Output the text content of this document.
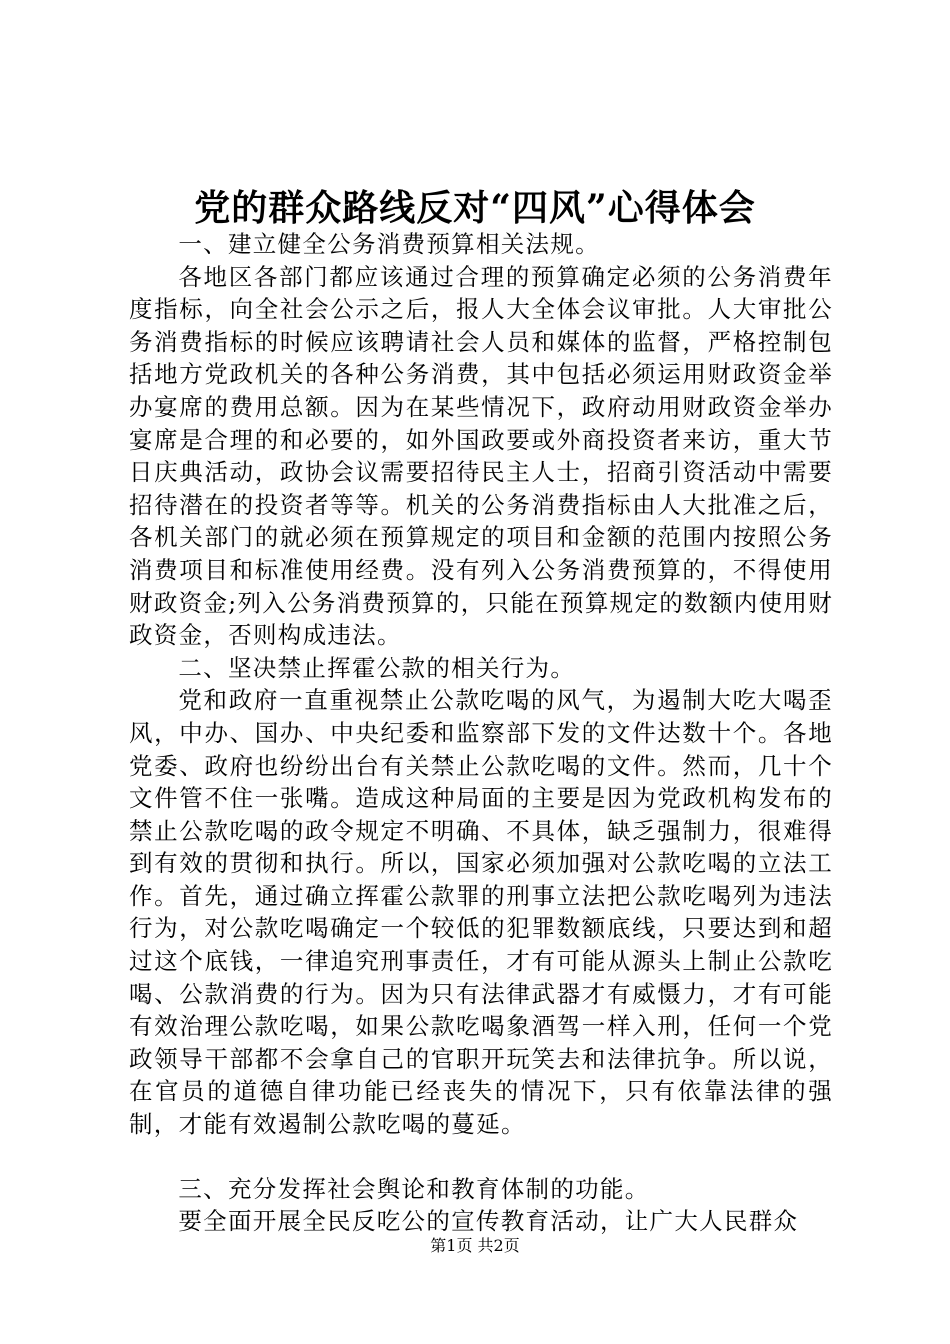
党的群众路线反对“四风”心得体会

一、建立健全公务消费预算相关法规。

各地区各部门都应该通过合理的预算确定必须的公务消费年度指标，向全社会公示之后，报人大全体会议审批。人大审批公务消费指标的时候应该聘请社会人员和媒体的监督，严格控制包括地方党政机关的各种公务消费，其中包括必须运用财政资金举办宴席的费用总额。因为在某些情况下，政府动用财政资金举办宴席是合理的和必要的，如外国政要或外商投资者来访，重大节日庆典活动，政协会议需要招待民主人士，招商引资活动中需要招待潜在的投资者等等。机关的公务消费指标由人大批准之后，各机关部门的就必须在预算规定的项目和金额的范围内按照公务消费项目和标准使用经费。没有列入公务消费预算的，不得使用财政资金;列入公务消费预算的，只能在预算规定的数额内使用财政资金，否则构成违法。

二、坚决禁止挥霍公款的相关行为。

党和政府一直重视禁止公款吃喝的风气，为遏制大吃大喝歪风，中办、国办、中央纪委和监察部下发的文件达数十个。各地党委、政府也纷纷出台有关禁止公款吃喝的文件。然而，几十个文件管不住一张嘴。造成这种局面的主要是因为党政机构发布的禁止公款吃喝的政令规定不明确、不具体，缺乏强制力，很难得到有效的贯彻和执行。所以，国家必须加强对公款吃喝的立法工作。首先，通过确立挥霍公款罪的刑事立法把公款吃喝列为违法行为，对公款吃喝确定一个较低的犯罪数额底线，只要达到和超过这个底钱，一律追究刑事责任，才有可能从源头上制止公款吃喝、公款消费的行为。因为只有法律武器才有威慑力，才有可能有效治理公款吃喝，如果公款吃喝象酒驾一样入刑，任何一个党政领导干部都不会拿自己的官职开玩笑去和法律抗争。所以说，在官员的道德自律功能已经丧失的情况下，只有依靠法律的强制，才能有效遏制公款吃喝的蔓延。

三、充分发挥社会舆论和教育体制的功能。

要全面开展全民反吃公的宣传教育活动，让广大人民群众

第1页 共2页
